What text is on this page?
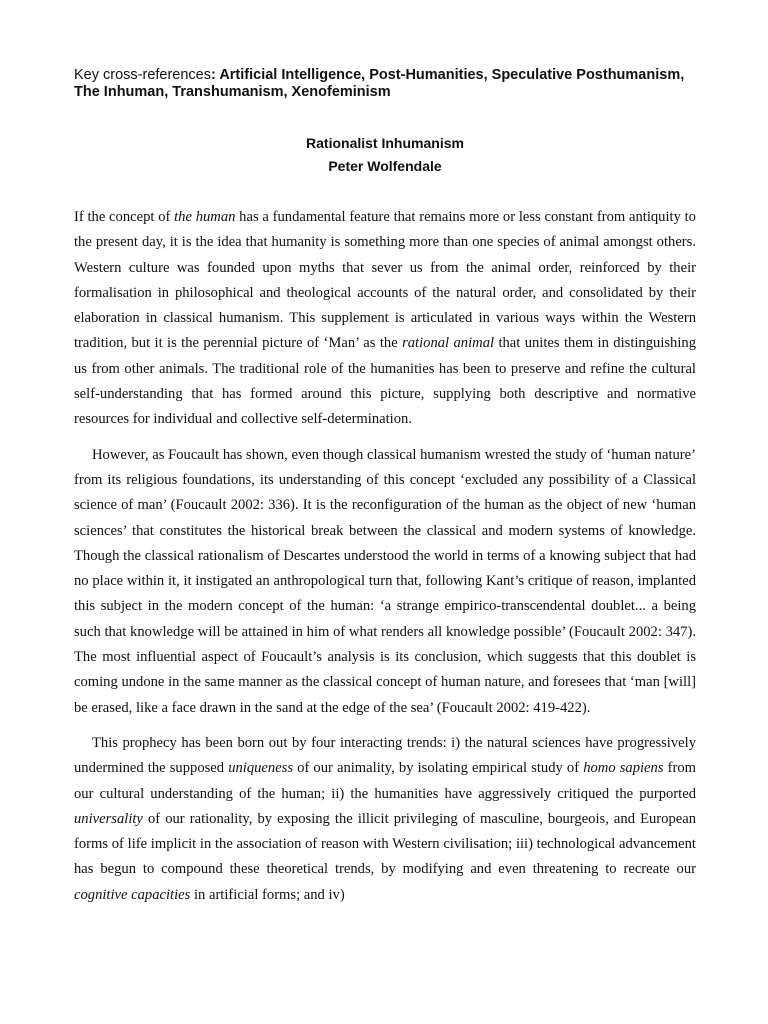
Key cross-references: Artificial Intelligence, Post-Humanities, Speculative Posthumanism, The Inhuman, Transhumanism, Xenofeminism
Rationalist Inhumanism
Peter Wolfendale

If the concept of the human has a fundamental feature that remains more or less constant from antiquity to the present day, it is the idea that humanity is something more than one species of animal amongst others. Western culture was founded upon myths that sever us from the animal order, reinforced by their formalisation in philosophical and theological accounts of the natural order, and consolidated by their elaboration in classical humanism. This supplement is articulated in various ways within the Western tradition, but it is the perennial picture of ‘Man’ as the rational animal that unites them in distinguishing us from other animals. The traditional role of the humanities has been to preserve and refine the cultural self-understanding that has formed around this picture, supplying both descriptive and normative resources for individual and collective self-determination.

However, as Foucault has shown, even though classical humanism wrested the study of ‘human nature’ from its religious foundations, its understanding of this concept ‘excluded any possibility of a Classical science of man’ (Foucault 2002: 336). It is the reconfiguration of the human as the object of new ‘human sciences’ that constitutes the historical break between the classical and modern systems of knowledge. Though the classical rationalism of Descartes understood the world in terms of a knowing subject that had no place within it, it instigated an anthropological turn that, following Kant’s critique of reason, implanted this subject in the modern concept of the human: ‘a strange empirico-transcendental doublet... a being such that knowledge will be attained in him of what renders all knowledge possible’ (Foucault 2002: 347). The most influential aspect of Foucault’s analysis is its conclusion, which suggests that this doublet is coming undone in the same manner as the classical concept of human nature, and foresees that ‘man [will] be erased, like a face drawn in the sand at the edge of the sea’ (Foucault 2002: 419-422).

This prophecy has been born out by four interacting trends: i) the natural sciences have progressively undermined the supposed uniqueness of our animality, by isolating empirical study of homo sapiens from our cultural understanding of the human; ii) the humanities have aggressively critiqued the purported universality of our rationality, by exposing the illicit privileging of masculine, bourgeois, and European forms of life implicit in the association of reason with Western civilisation; iii) technological advancement has begun to compound these theoretical trends, by modifying and even threatening to recreate our cognitive capacities in artificial forms; and iv)
